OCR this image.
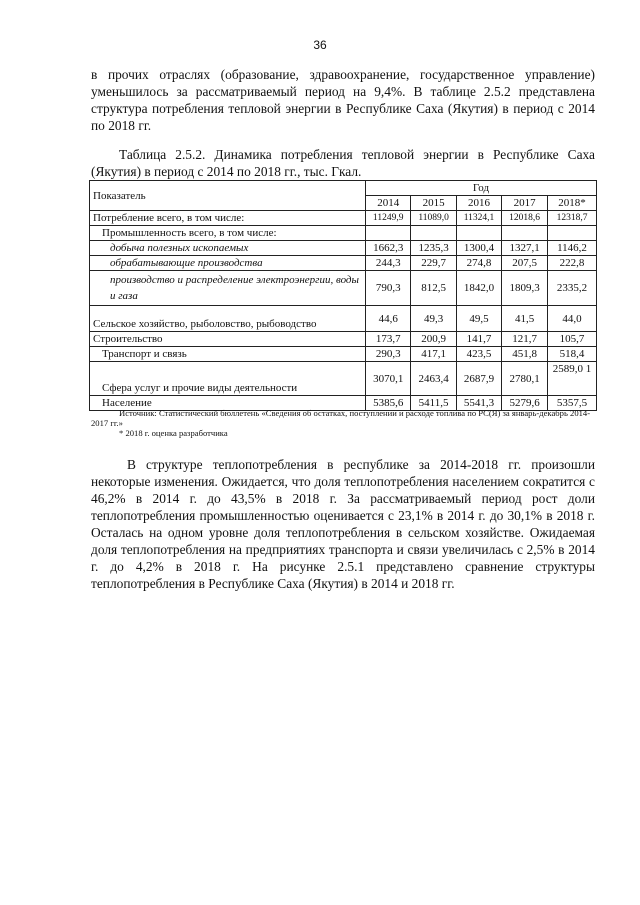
36

в прочих отраслях (образование, здравоохранение, государственное управление) уменьшилось за рассматриваемый период на 9,4%. В таблице 2.5.2 представлена структура потребления тепловой энергии в Республике Саха (Якутия) в период с 2014 по 2018 гг.

Таблица 2.5.2. Динамика потребления тепловой энергии в Республике Саха (Якутия) в период с 2014 по 2018 гг., тыс. Гкал.

Показатель	Год				
	2014	2015	2016	2017	2018*
Потребление всего, в том числе:	11249,9	11089,0	11324,1	12018,6	12318,7
Промышленность всего, в том числе:					
добыча полезных ископаемых	1662,3	1235,3	1300,4	1327,1	1146,2
обрабатывающие производства	244,3	229,7	274,8	207,5	222,8
производство и распределение электроэнергии, воды и газа	790,3	812,5	1842,0	1809,3	2335,2
Сельское хозяйство, рыболовство, рыбоводство	44,6	49,3	49,5	41,5	44,0
Строительство	173,7	200,9	141,7	121,7	105,7
Транспорт и связь	290,3	417,1	423,5	451,8	518,4
Сфера услуг и прочие виды деятельности	3070,1	2463,4	2687,9	2780,1	2589,0 1
Население	5385,6	5411,5	5541,3	5279,6	5357,5

Источник: Статистический бюллетень «Сведения об остатках, поступлении и расходе топлива по РС(Я) за январь-декабрь 2014-2017 гг.»

* 2018 г. оценка разработчика

В структуре теплопотребления в республике за 2014-2018 гг. произошли некоторые изменения. Ожидается, что доля теплопотребления населением сократится с 46,2% в 2014 г. до 43,5% в 2018 г. За рассматриваемый период рост доли теплопотребления промышленностью оценивается с 23,1% в 2014 г. до 30,1% в 2018 г. Осталась на одном уровне доля теплопотребления в сельском хозяйстве. Ожидаемая доля теплопотребления на предприятиях транспорта и связи увеличилась с 2,5% в 2014 г. до 4,2% в 2018 г. На рисунке 2.5.1 представлено сравнение структуры теплопотребления в Республике Саха (Якутия) в 2014 и 2018 гг.
